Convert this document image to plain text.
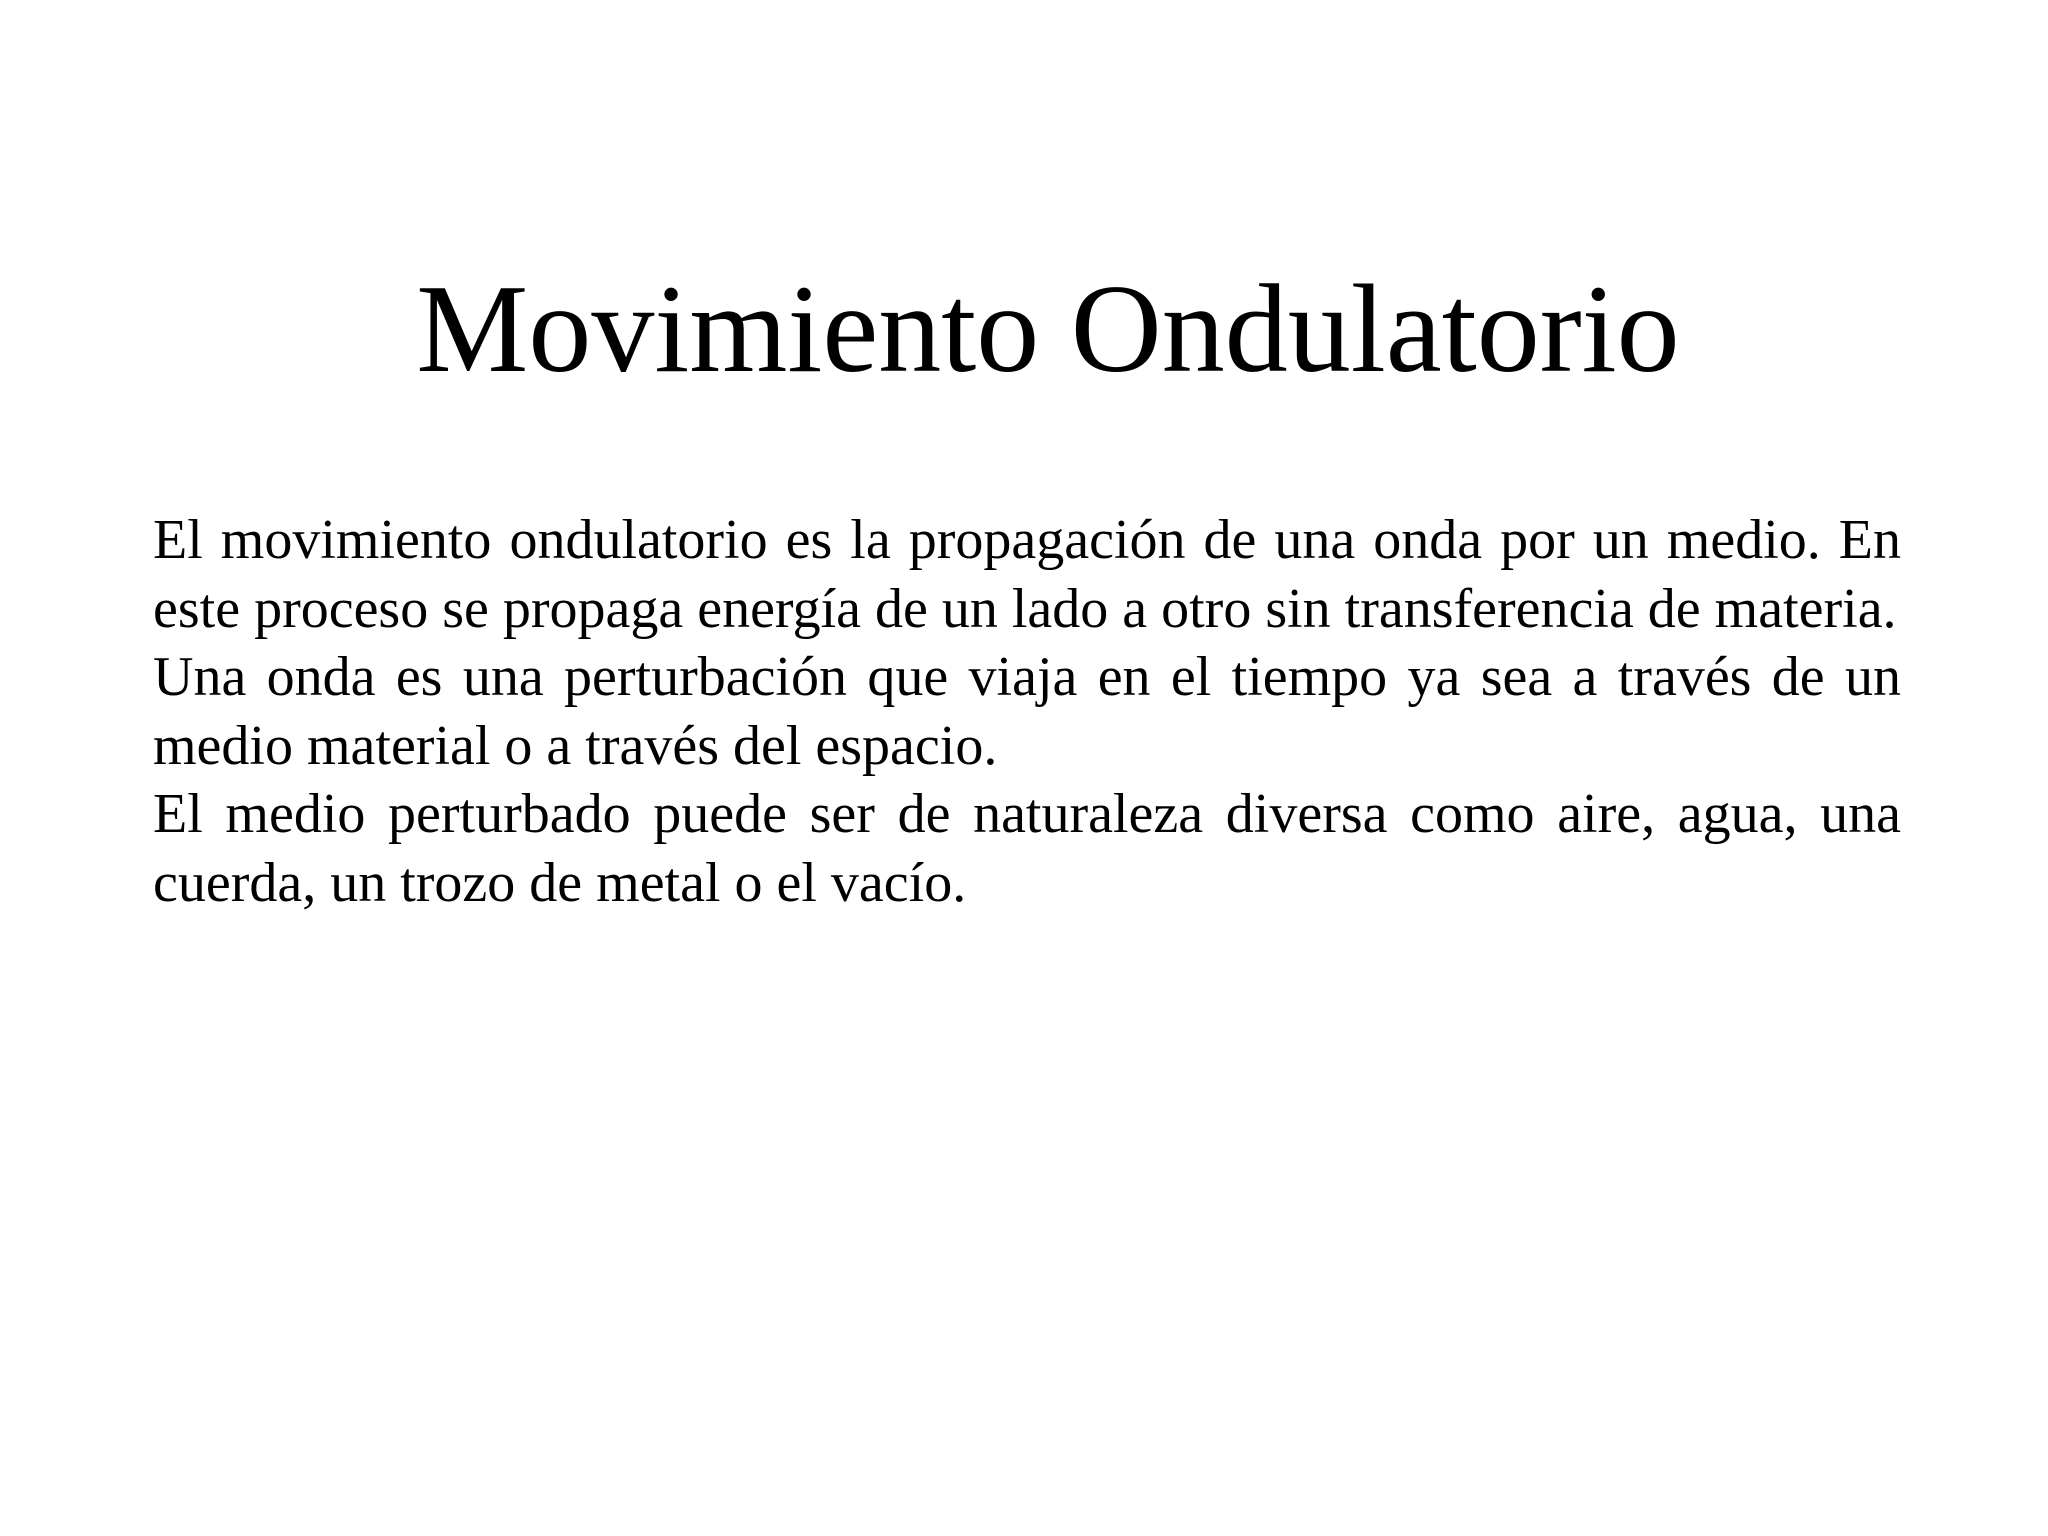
Movimiento Ondulatorio

El movimiento ondulatorio es la propagación de una onda por un medio. En este proceso se propaga energía de un lado a otro sin transferencia de materia.

Una onda es una perturbación que viaja en el tiempo ya sea a través de un medio material o a través del espacio.

El medio perturbado puede ser de naturaleza diversa como aire, agua, una cuerda, un trozo de metal o el vacío.
